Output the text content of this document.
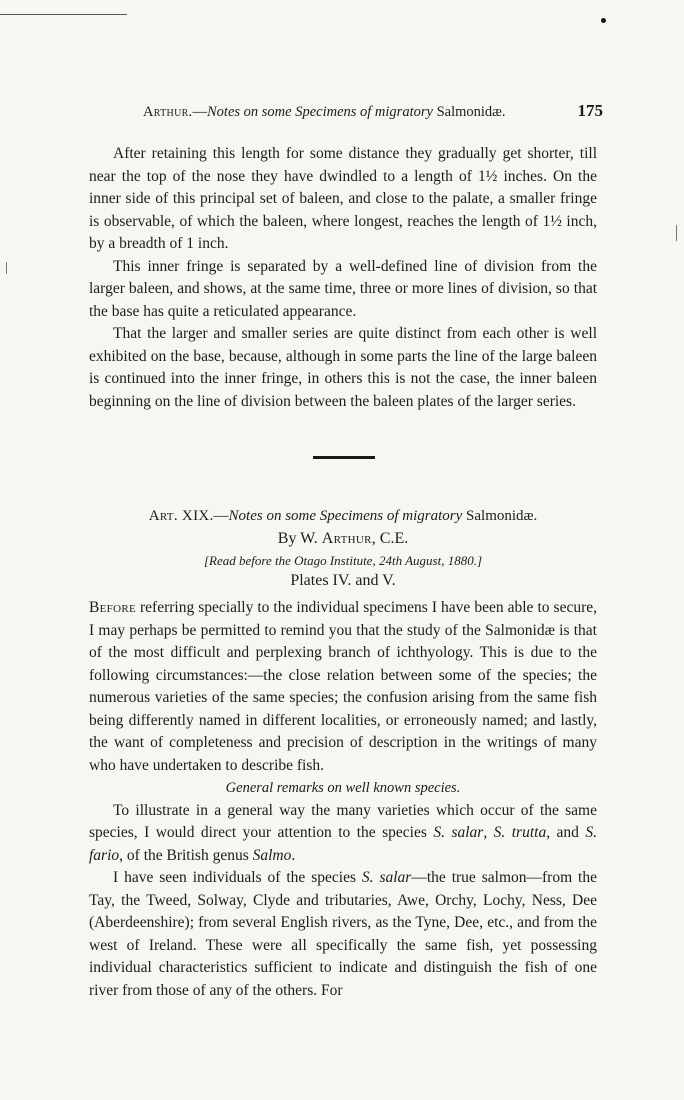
Arthur.—Notes on some Specimens of migratory Salmonidæ.	175

After retaining this length for some distance they gradually get shorter, till near the top of the nose they have dwindled to a length of 1½ inches. On the inner side of this principal set of baleen, and close to the palate, a smaller fringe is observable, of which the baleen, where longest, reaches the length of 1½ inch, by a breadth of 1 inch.

This inner fringe is separated by a well-defined line of division from the larger baleen, and shows, at the same time, three or more lines of division, so that the base has quite a reticulated appearance.

That the larger and smaller series are quite distinct from each other is well exhibited on the base, because, although in some parts the line of the large baleen is continued into the inner fringe, in others this is not the case, the inner baleen beginning on the line of division between the baleen plates of the larger series.

Art. XIX.—Notes on some Specimens of migratory Salmonidæ.
By W. Arthur, C.E.
[Read before the Otago Institute, 24th August, 1880.]
Plates IV. and V.

Before referring specially to the individual specimens I have been able to secure, I may perhaps be permitted to remind you that the study of the Salmonidæ is that of the most difficult and perplexing branch of ichthyology. This is due to the following circumstances:—the close relation between some of the species; the numerous varieties of the same species; the confusion arising from the same fish being differently named in different localities, or erroneously named; and lastly, the want of completeness and precision of description in the writings of many who have undertaken to describe fish.

General remarks on well known species.

To illustrate in a general way the many varieties which occur of the same species, I would direct your attention to the species S. salar, S. trutta, and S. fario, of the British genus Salmo.

I have seen individuals of the species S. salar—the true salmon—from the Tay, the Tweed, Solway, Clyde and tributaries, Awe, Orchy, Lochy, Ness, Dee (Aberdeenshire); from several English rivers, as the Tyne, Dee, etc., and from the west of Ireland. These were all specifically the same fish, yet possessing individual characteristics sufficient to indicate and distinguish the fish of one river from those of any of the others. For
